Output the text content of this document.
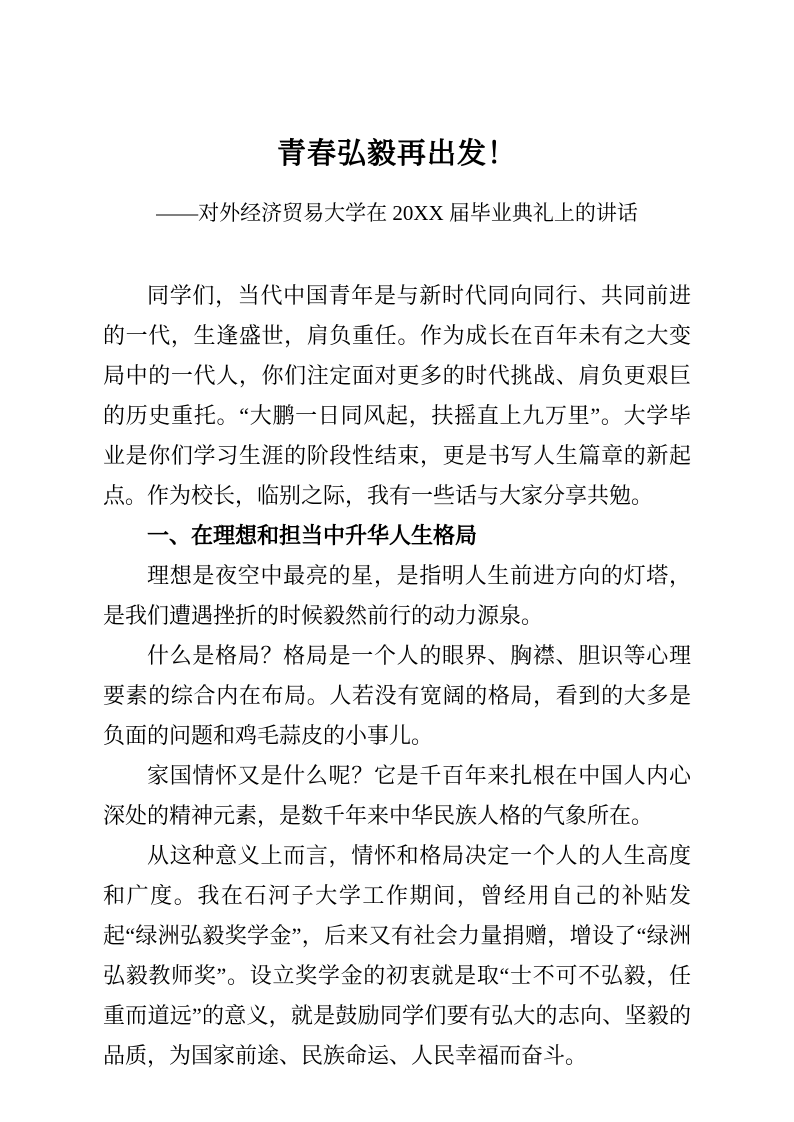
青春弘毅再出发！

——对外经济贸易大学在 20XX 届毕业典礼上的讲话

同学们，当代中国青年是与新时代同向同行、共同前进的一代，生逢盛世，肩负重任。作为成长在百年未有之大变局中的一代人，你们注定面对更多的时代挑战、肩负更艰巨的历史重托。“大鹏一日同风起，扶摇直上九万里”。大学毕业是你们学习生涯的阶段性结束，更是书写人生篇章的新起点。作为校长，临别之际，我有一些话与大家分享共勉。

一、在理想和担当中升华人生格局

理想是夜空中最亮的星，是指明人生前进方向的灯塔，是我们遭遇挫折的时候毅然前行的动力源泉。

什么是格局？格局是一个人的眼界、胸襟、胆识等心理要素的综合内在布局。人若没有宽阔的格局，看到的大多是负面的问题和鸡毛蒜皮的小事儿。

家国情怀又是什么呢？它是千百年来扎根在中国人内心深处的精神元素，是数千年来中华民族人格的气象所在。

从这种意义上而言，情怀和格局决定一个人的人生高度和广度。我在石河子大学工作期间，曾经用自己的补贴发起“绿洲弘毅奖学金”，后来又有社会力量捐赠，增设了“绿洲弘毅教师奖”。设立奖学金的初衷就是取“士不可不弘毅，任重而道远”的意义，就是鼓励同学们要有弘大的志向、坚毅的品质，为国家前途、民族命运、人民幸福而奋斗。
